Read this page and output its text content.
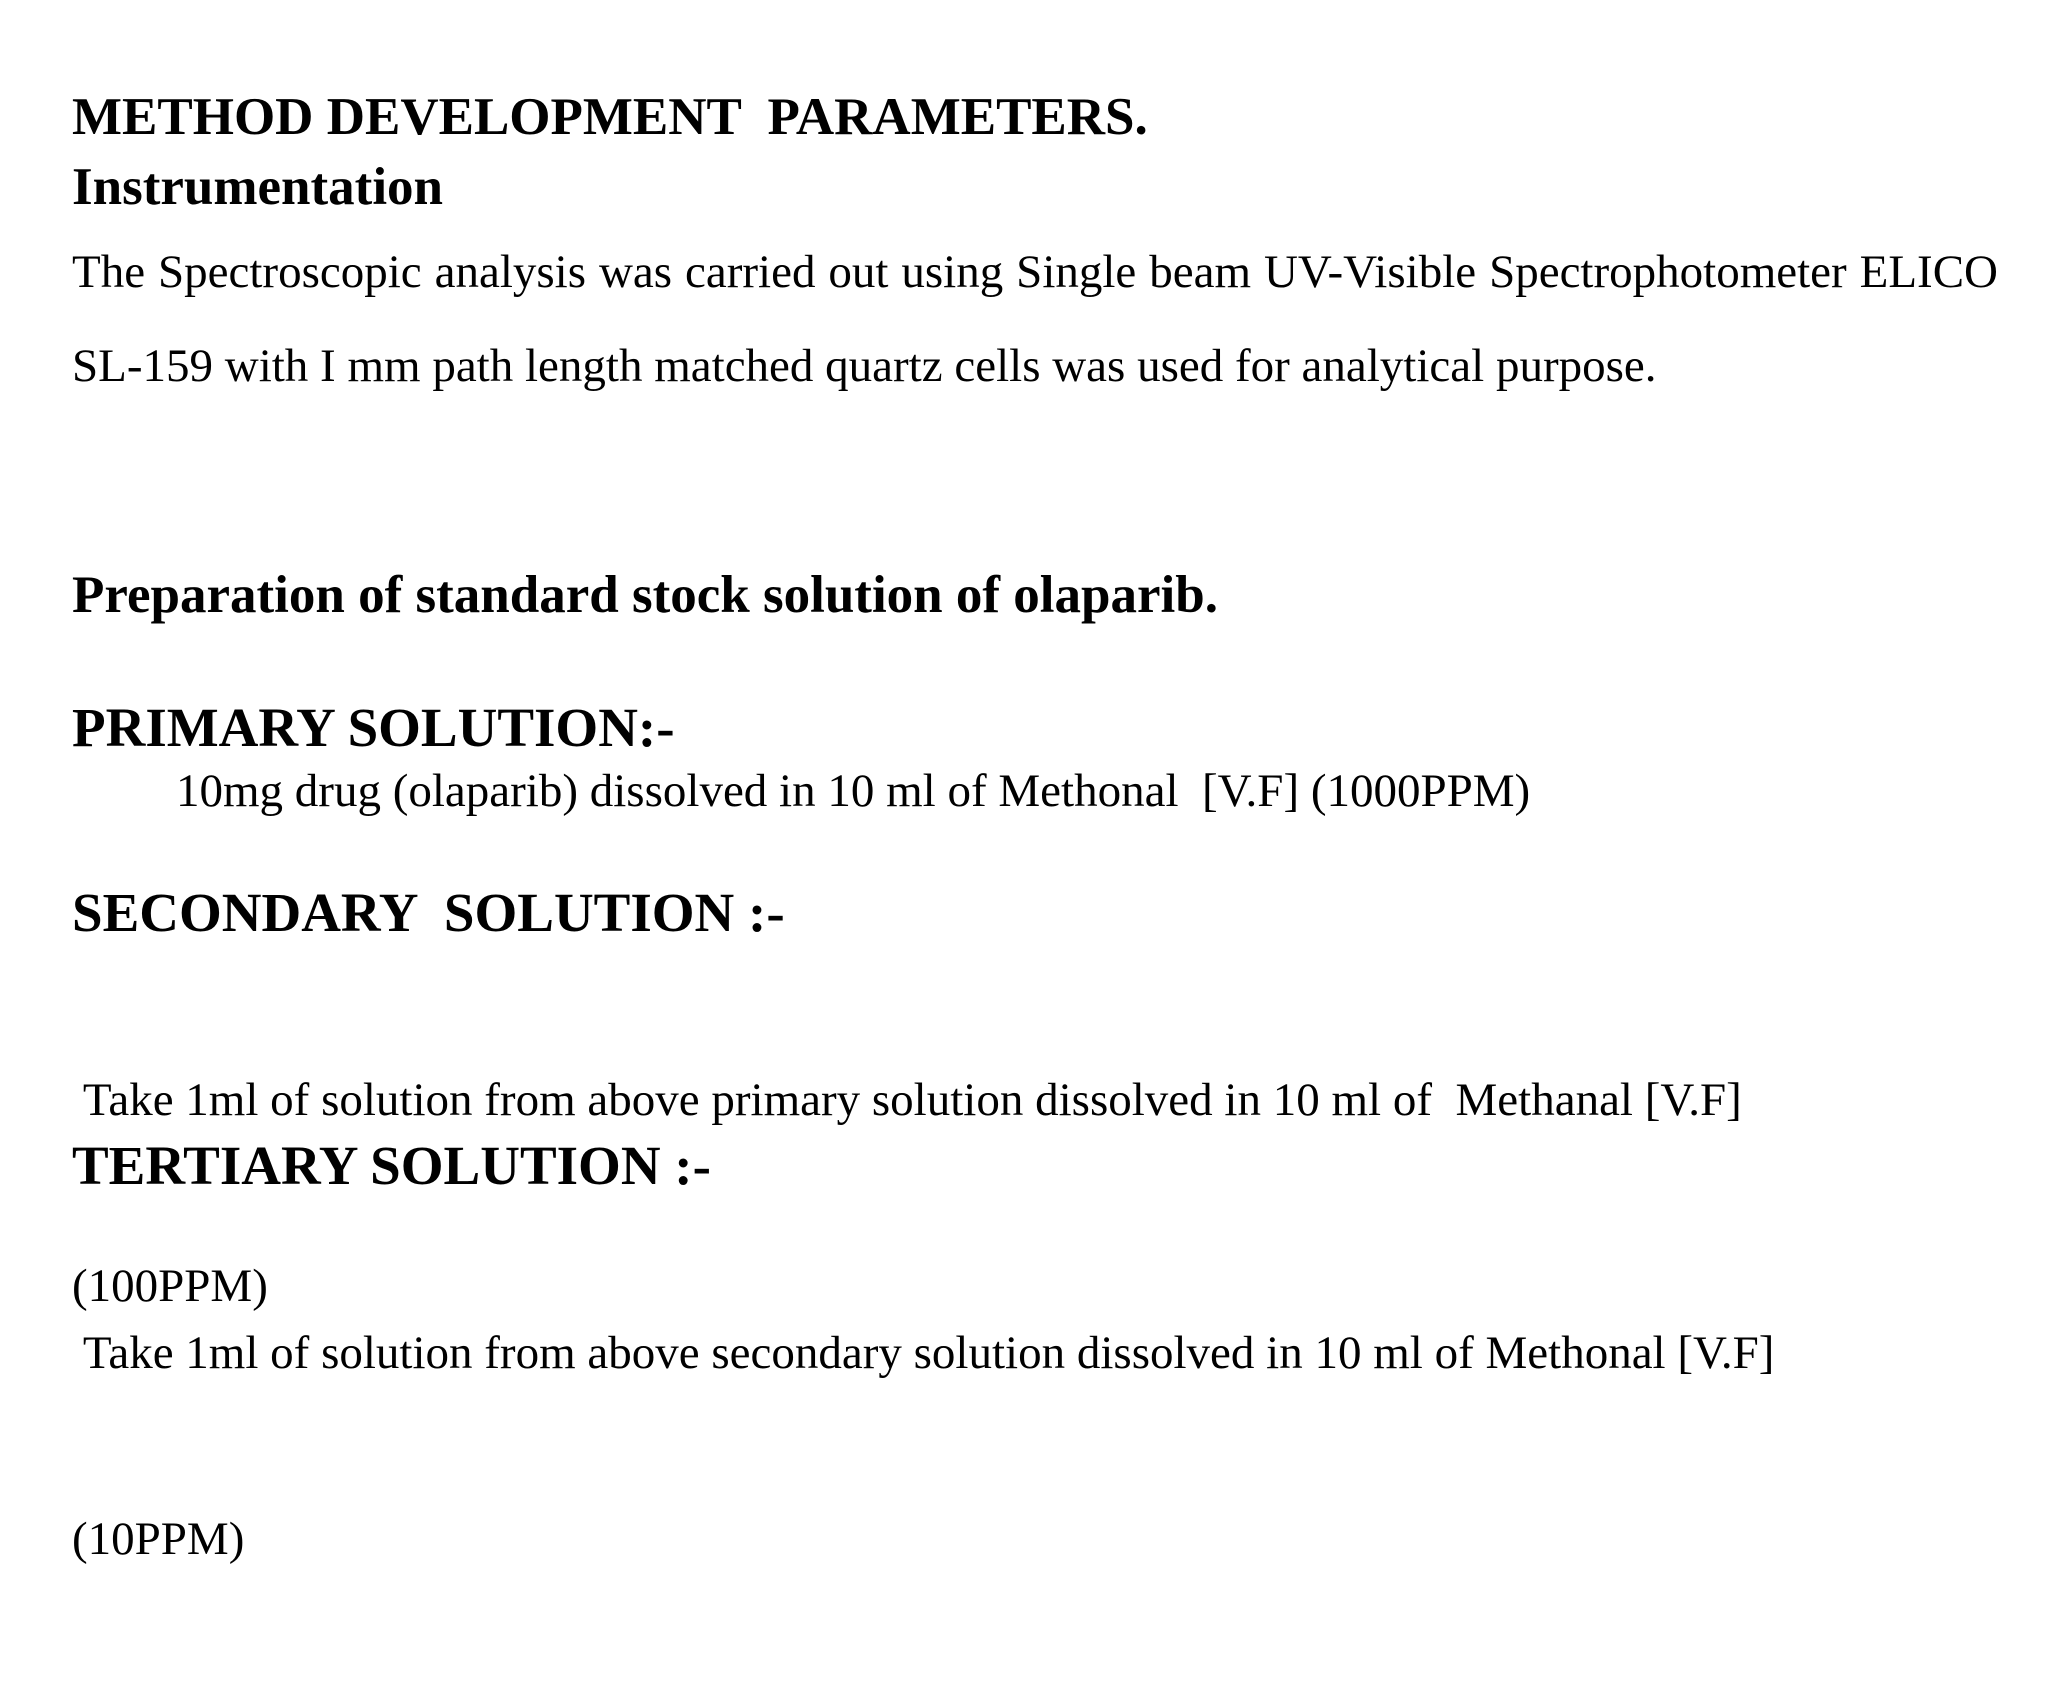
METHOD DEVELOPMENT  PARAMETERS.
Instrumentation

The Spectroscopic analysis was carried out using Single beam UV-Visible Spectrophotometer ELICO SL-159 with I mm path length matched quartz cells was used for analytical purpose.

Preparation of standard stock solution of olaparib.
PRIMARY SOLUTION:-

10mg drug (olaparib) dissolved in 10 ml of Methonal  [V.F] (1000PPM)

SECONDARY  SOLUTION :-

Take 1ml of solution from above primary solution dissolved in 10 ml of  Methanal [V.F]

(100PPM)

TERTIARY SOLUTION :-

Take 1ml of solution from above secondary solution dissolved in 10 ml of Methonal [V.F]

(10PPM)
